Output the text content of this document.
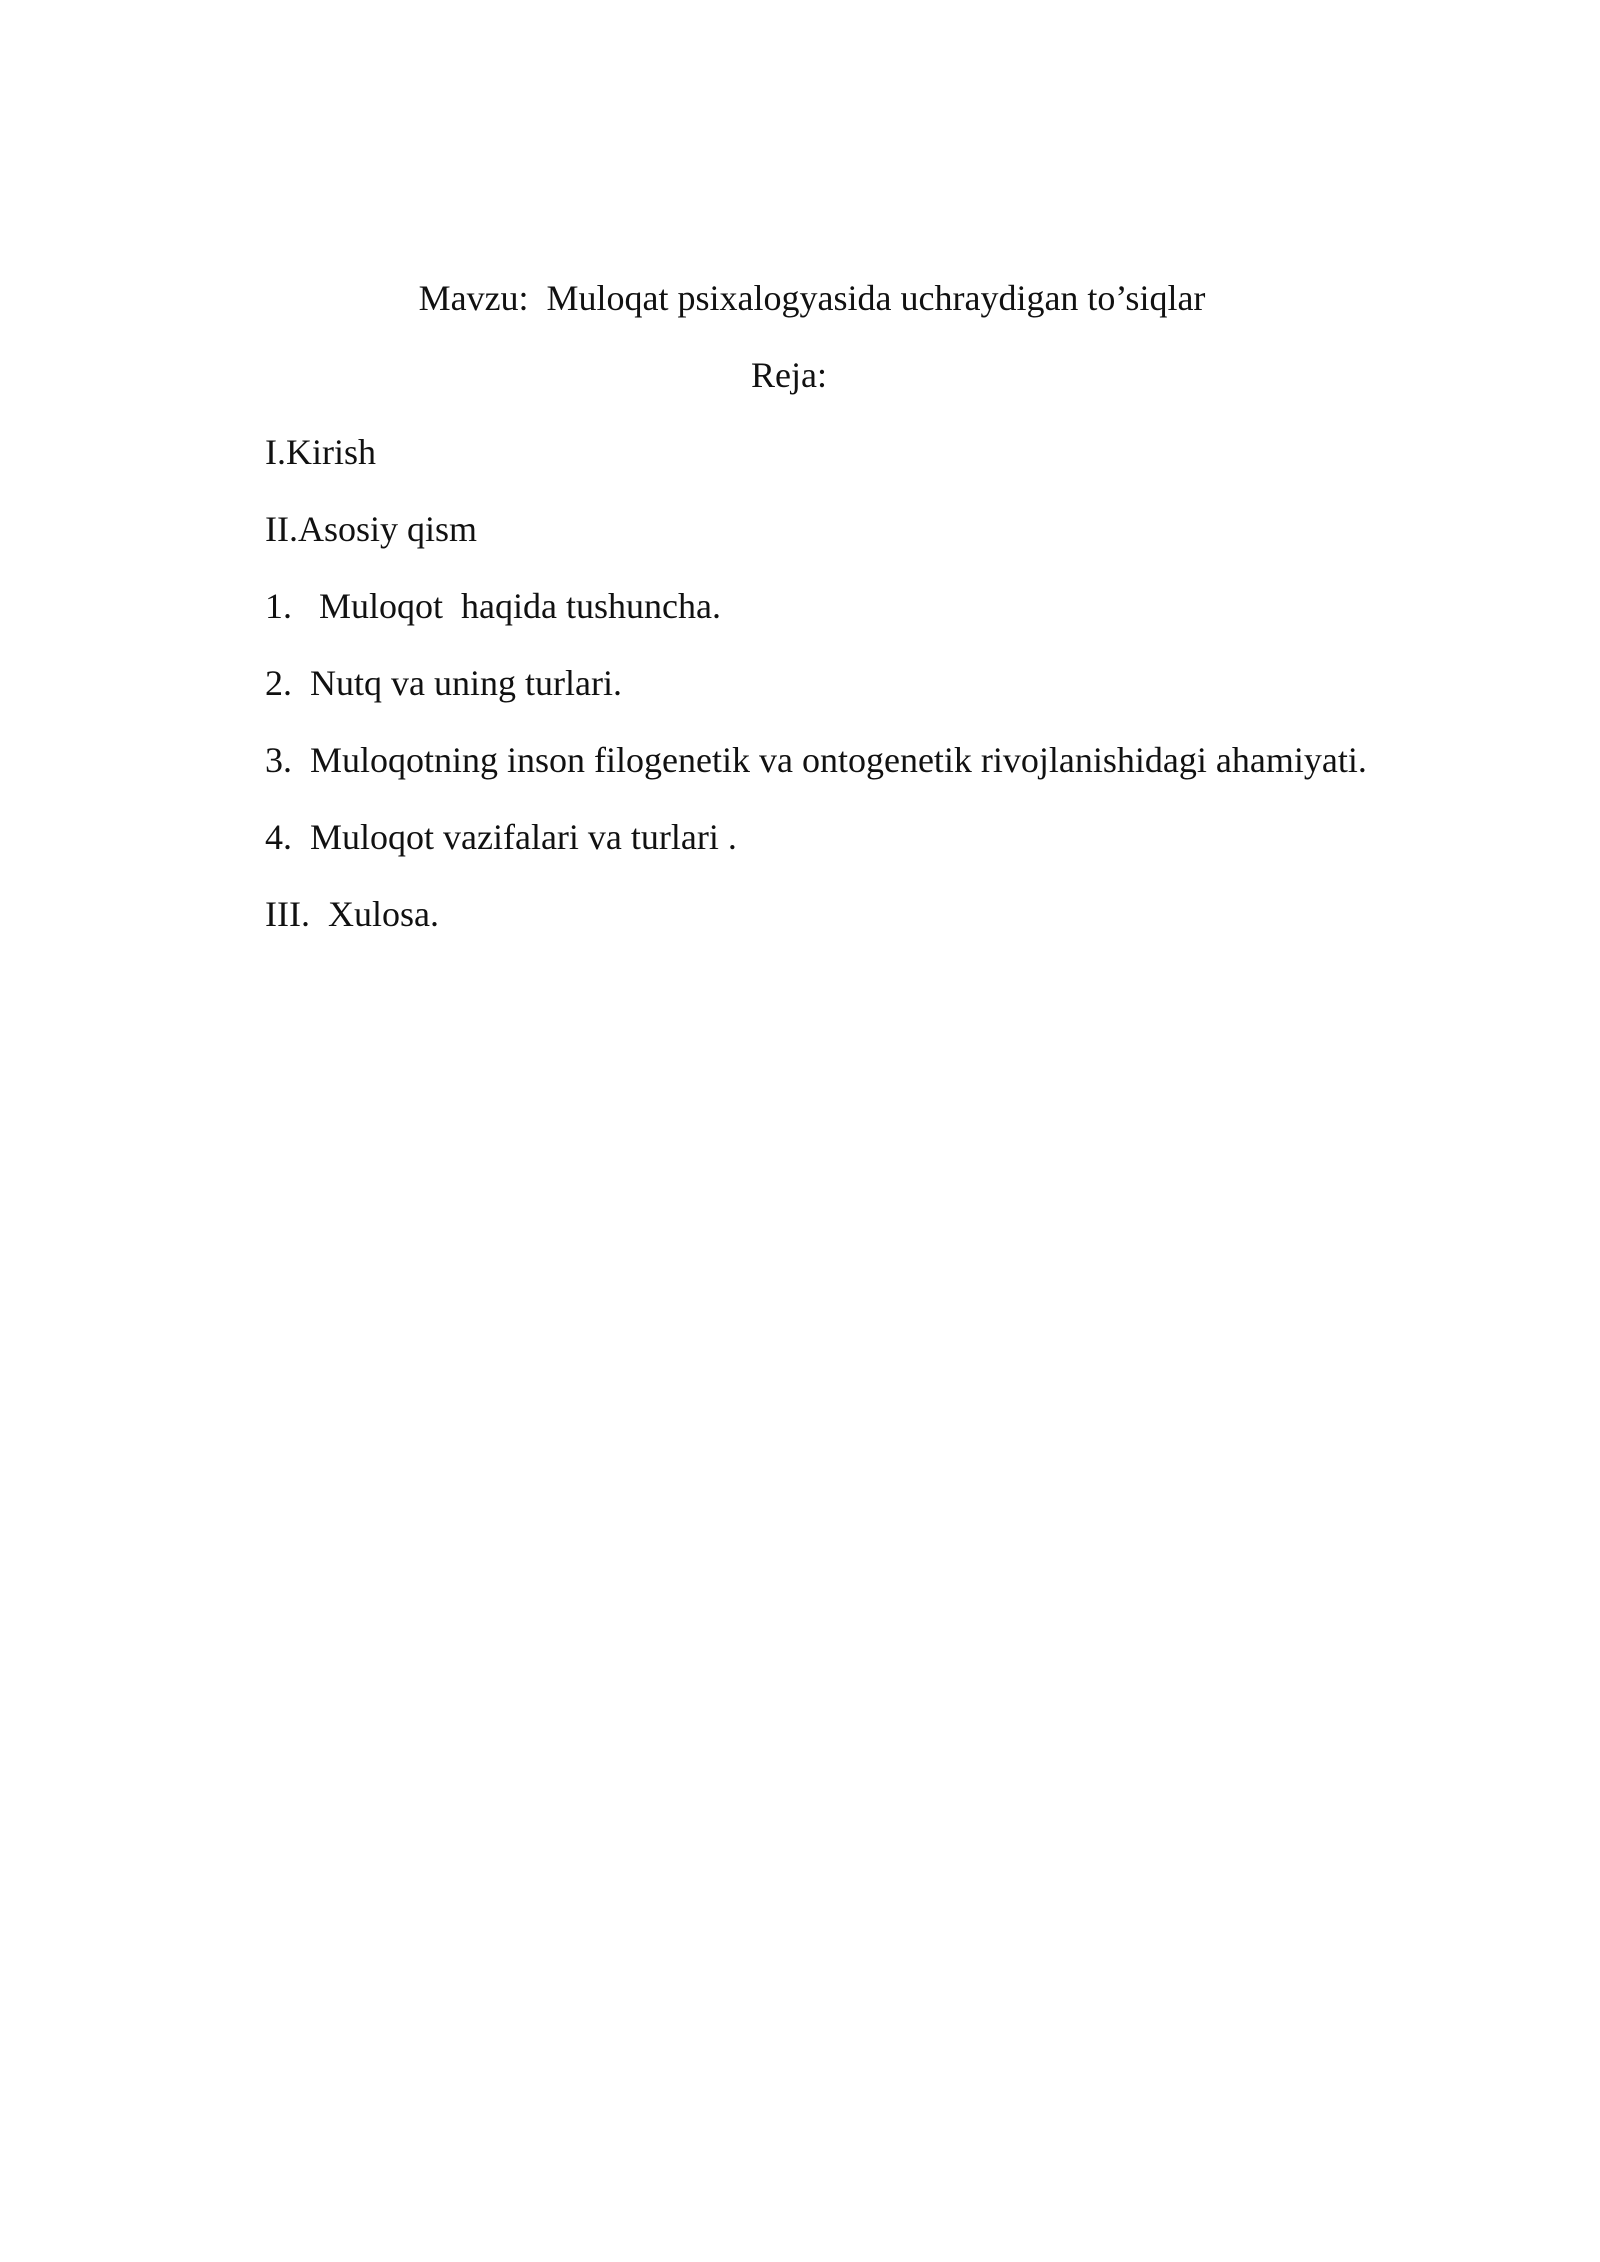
Mavzu:  Muloqat psixalogyasida uchraydigan to’siqlar

Reja:

I.Kirish

II.Asosiy qism

1.   Muloqot  haqida tushuncha.

2.  Nutq va uning turlari.

3.  Muloqotning inson filogenetik va ontogenetik rivojlanishidagi ahamiyati.

4.  Muloqot vazifalari va turlari .

III.  Xulosa.
